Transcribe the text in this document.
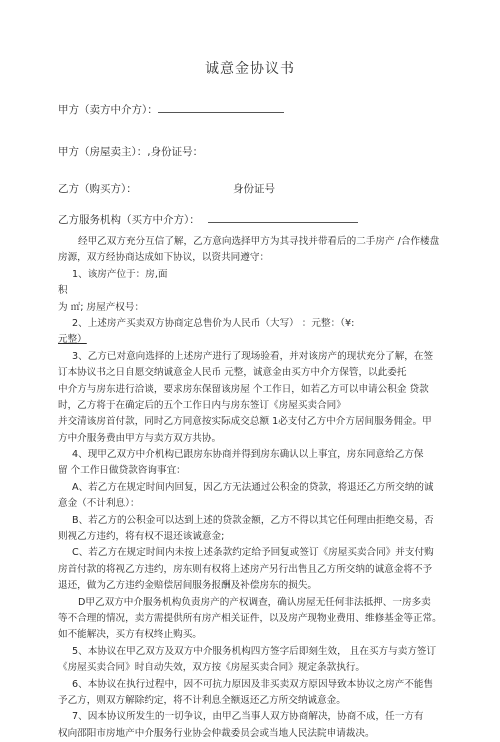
诚意金协议书
甲方（卖方中介方）：
甲方（房屋卖主）：,身份证号：
乙方（购买方）：	身份证号
乙方服务机构（买方中介方）：
经甲乙双方充分互信了解，乙方意向选择甲方为其寻找并带看后的二手房产 /合作楼盘
房源，双方经协商达成如下协议，以资共同遵守：
1、该房产位于：房,面
积
为 ㎡; 房屋产权号：
2、上述房产买卖双方协商定总售价为人民币（大写） ：元整：（¥:
元整）
3、乙方已对意向选择的上述房产进行了现场验看，并对该房产的现状充分了解，在签
订本协议书之日自愿交纳诚意金人民币 元整，诚意金由买方中介方保管，以此委托
中介方与房东进行洽谈，要求房东保留该房屋 个工作日，如若乙方可以申请公积金 贷款
时，乙方将于在确定后的五个工作日内与房东签订《房屋买卖合同》
并交清该房首付款，同时乙方同意按实际成交总额 1必支付乙方中介方居间服务佣金。甲
方中介服务费由甲方与卖方双方共协。
4、现甲乙双方中介机构已跟房东协商并得到房东确认以上事宜，房东同意给乙方保
留 个工作日做贷款咨询事宜：
A、若乙方在规定时间内回复，因乙方无法通过公积金的贷款，将退还乙方所交纳的诚
意金（不计利息）：
B、若乙方的公积金可以达到上述的贷款金额，乙方不得以其它任何理由拒绝交易，否
则视乙方违约，将有权不退还该诚意金;
C、若乙方在规定时间内未按上述条款约定给予回复或签订《房屋买卖合同》并支付购
房首付款的将视乙方违约，房东则有权将上述房产另行出售且乙方所交纳的诚意金将不予
退还，做为乙方违约金赔偿居间服务报酬及补偿房东的损失。
D甲乙双方中介服务机构负责房产的产权调查，确认房屋无任何非法抵押、一房多卖
等不合理的情况，卖方需提供所有房产相关证件，以及房产现物业费用、维修基金等正常。
如不能解决，买方有权终止购买。
5、本协议在甲乙双方及双方中介服务机构四方签字后即刻生效， 且在买方与卖方签订
《房屋买卖合同》时自动失效，双方按《房屋买卖合同》规定条款执行。
6、本协议在执行过程中，因不可抗力原因及非买卖双方原因导致本协议之房产不能售
予乙方，则双方解除约定，将不计利息全额返还乙方所交纳诚意金。
7、因本协议所发生的一切争议，由甲乙当事人双方协商解决，协商不成，任一方有
权向邵阳市房地产中介服务行业协会仲裁委员会或当地人民法院申请裁决。
